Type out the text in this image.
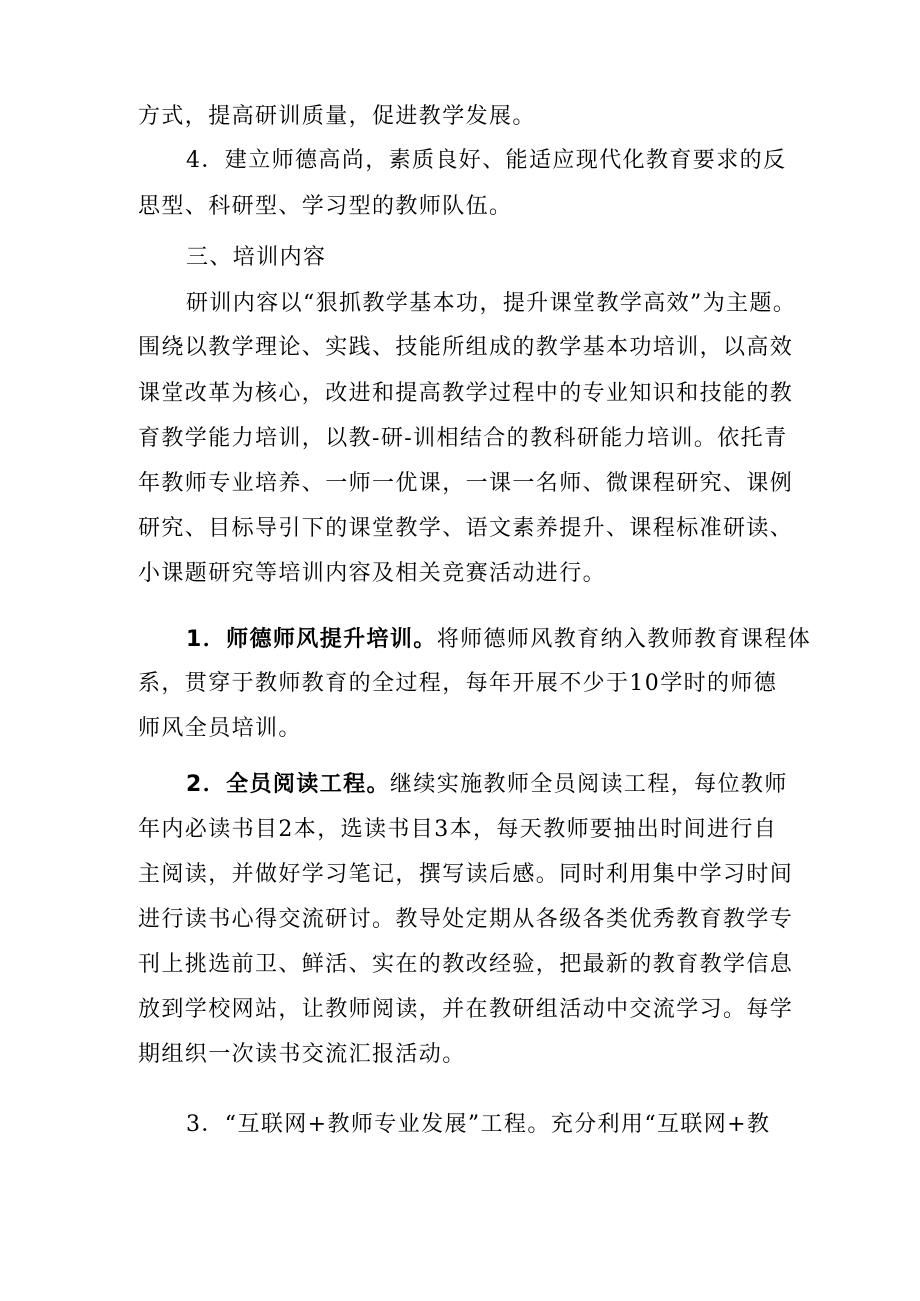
方式，提高研训质量，促进教学发展。
4．建立师德高尚，素质良好、能适应现代化教育要求的反
思型、科研型、学习型的教师队伍。
三、培训内容
研训内容以“狠抓教学基本功，提升课堂教学高效”为主题。
围绕以教学理论、实践、技能所组成的教学基本功培训，以高效
课堂改革为核心，改进和提高教学过程中的专业知识和技能的教
育教学能力培训，以教-研-训相结合的教科研能力培训。依托青
年教师专业培养、一师一优课，一课一名师、微课程研究、课例
研究、目标导引下的课堂教学、语文素养提升、课程标准研读、
小课题研究等培训内容及相关竞赛活动进行。
1．师德师风提升培训。将师德师风教育纳入教师教育课程体
系，贯穿于教师教育的全过程，每年开展不少于10学时的师德
师风全员培训。
2．全员阅读工程。继续实施教师全员阅读工程，每位教师
年内必读书目2本，选读书目3本，每天教师要抽出时间进行自
主阅读，并做好学习笔记，撰写读后感。同时利用集中学习时间
进行读书心得交流研讨。教导处定期从各级各类优秀教育教学专
刊上挑选前卫、鲜活、实在的教改经验，把最新的教育教学信息
放到学校网站，让教师阅读，并在教研组活动中交流学习。每学
期组织一次读书交流汇报活动。
3．“互联网+教师专业发展”工程。充分利用“互联网+教
